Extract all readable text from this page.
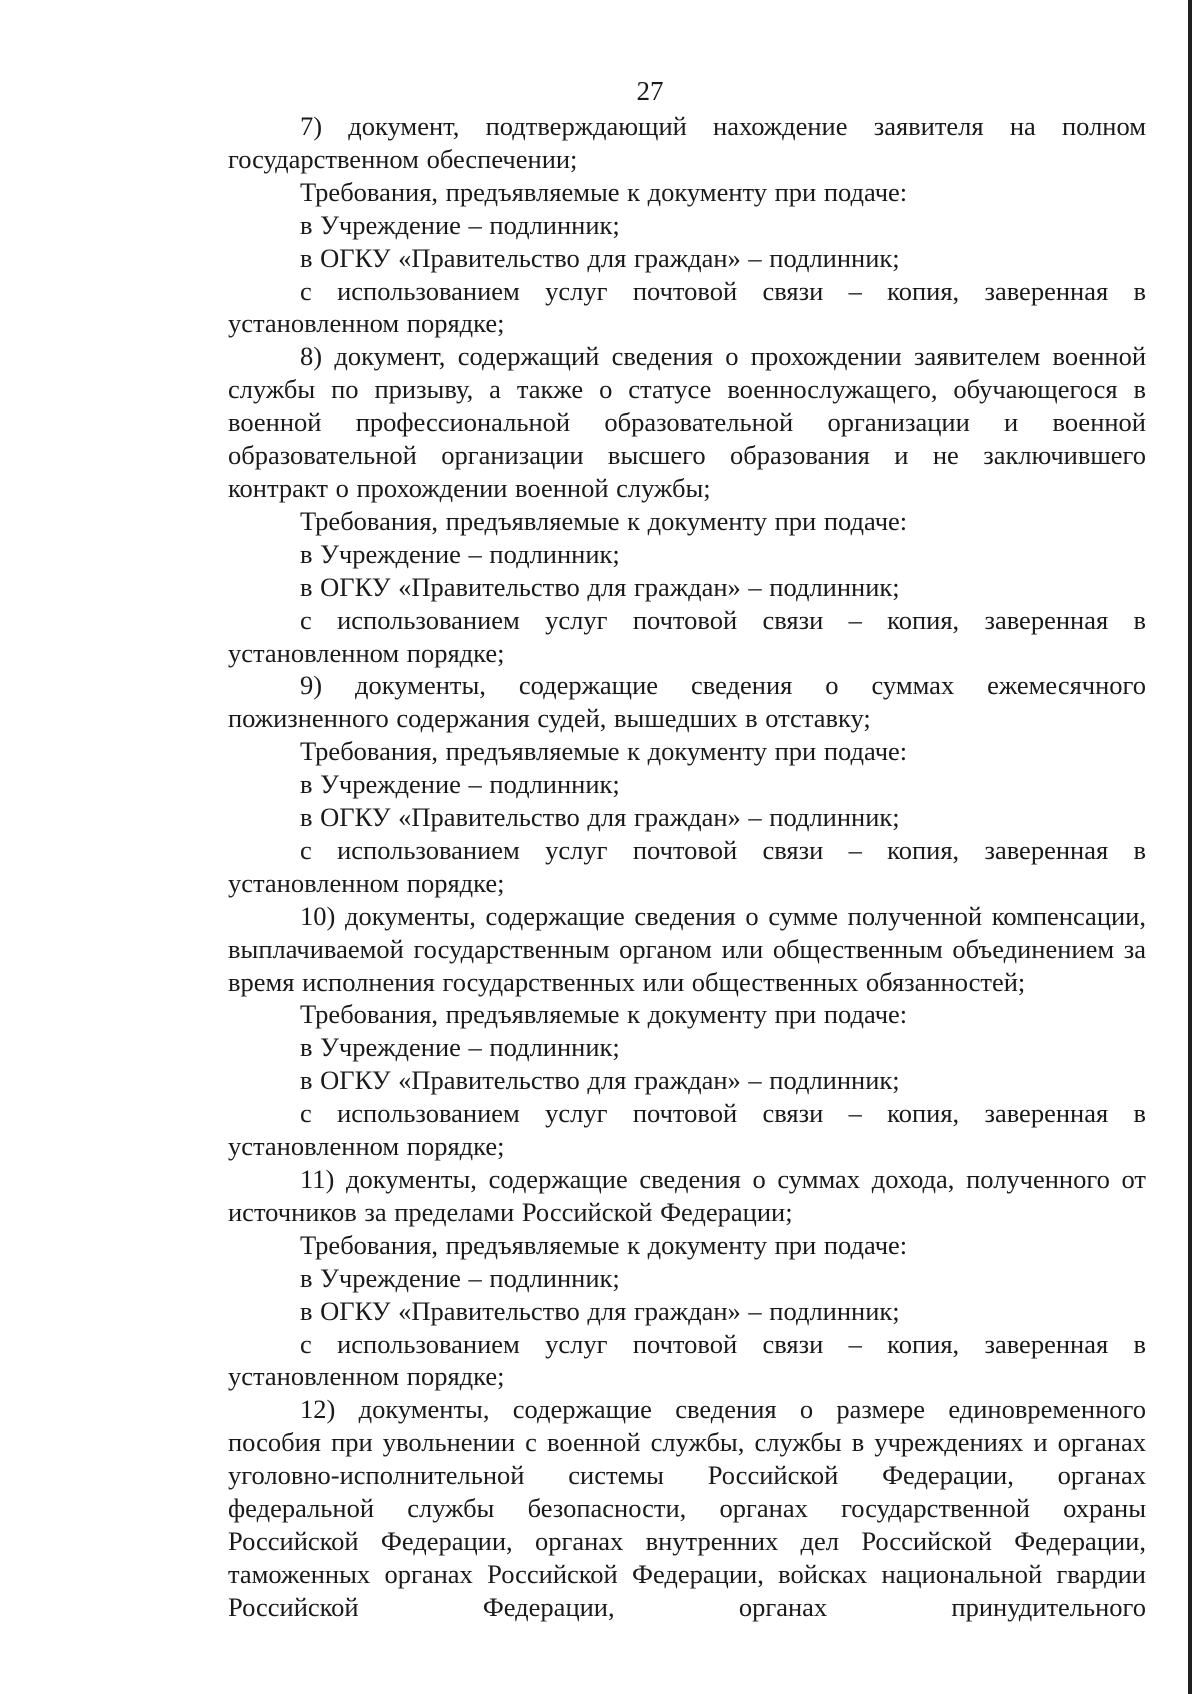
27

7) документ, подтверждающий нахождение заявителя на полном государственном обеспечении;

Требования, предъявляемые к документу при подаче:

в Учреждение – подлинник;

в ОГКУ «Правительство для граждан» – подлинник;

с использованием услуг почтовой связи – копия, заверенная в установленном порядке;

8) документ, содержащий сведения о прохождении заявителем военной службы по призыву, а также о статусе военнослужащего, обучающегося в военной профессиональной образовательной организации и военной образовательной организации высшего образования и не заключившего контракт о прохождении военной службы;

Требования, предъявляемые к документу при подаче:

в Учреждение – подлинник;

в ОГКУ «Правительство для граждан» – подлинник;

с использованием услуг почтовой связи – копия, заверенная в установленном порядке;

9) документы, содержащие сведения о суммах ежемесячного пожизненного содержания судей, вышедших в отставку;

Требования, предъявляемые к документу при подаче:

в Учреждение – подлинник;

в ОГКУ «Правительство для граждан» – подлинник;

с использованием услуг почтовой связи – копия, заверенная в установленном порядке;

10) документы, содержащие сведения о сумме полученной компенсации, выплачиваемой государственным органом или общественным объединением за время исполнения государственных или общественных обязанностей;

Требования, предъявляемые к документу при подаче:

в Учреждение – подлинник;

в ОГКУ «Правительство для граждан» – подлинник;

с использованием услуг почтовой связи – копия, заверенная в установленном порядке;

11) документы, содержащие сведения о суммах дохода, полученного от источников за пределами Российской Федерации;

Требования, предъявляемые к документу при подаче:

в Учреждение – подлинник;

в ОГКУ «Правительство для граждан» – подлинник;

с использованием услуг почтовой связи – копия, заверенная в установленном порядке;

12) документы, содержащие сведения о размере единовременного пособия при увольнении с военной службы, службы в учреждениях и органах уголовно-исполнительной системы Российской Федерации, органах федеральной службы безопасности, органах государственной охраны Российской Федерации, органах внутренних дел Российской Федерации, таможенных органах Российской Федерации, войсках национальной гвардии Российской Федерации, органах принудительного
